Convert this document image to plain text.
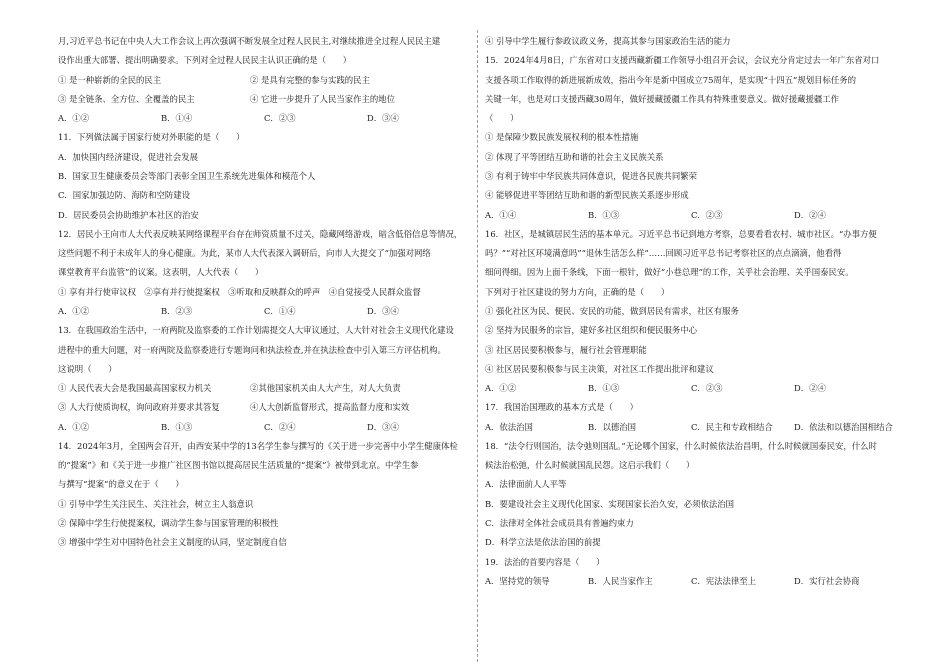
月,习近平总书记在中央人大工作会议上再次强调不断发展全过程人民民主,对继续推进全过程人民民主建
设作出重大部署、提出明确要求。下列对全过程人民民主认识正确的是（　　）
① 是一种崭新的全民的民主	② 是具有完整的参与实践的民主
③ 是全链条、全方位、全覆盖的民主	④ 它进一步提升了人民当家作主的地位
A．①②	B．①④	C．②③	D．③④
11．下列做法属于国家行使对外职能的是（　　）
A．加快国内经济建设，促进社会发展
B．国家卫生健康委员会等部门表彰全国卫生系统先进集体和模范个人
C．国家加强边防、海防和空防建设
D．居民委员会协助维护本社区的治安
12．居民小王向市人大代表反映某网络课程平台存在师资质量不过关，隐藏网络游戏，暗含低俗信息等情况，
这些问题不利于未成年人的身心健康。为此，某市人大代表深入调研后，向市人大提交了“加强对网络
课堂教育平台监管”的议案。这表明，人大代表（　　）
① 享有并行使审议权　②享有并行使提案权　③听取和反映群众的呼声　④自觉接受人民群众监督
A．①②	B．②③	C．①④	D．③④
13．在我国政治生活中，一府两院及监察委的工作计划需提交人大审议通过，人大针对社会主义现代化建设
进程中的重大问题，对一府两院及监察委进行专题询问和执法检查,并在执法检查中引入第三方评估机构。
这说明（　　）
① 人民代表大会是我国最高国家权力机关	②其他国家机关由人大产生，对人大负责
③ 人大行使质询权，询问政府并要求其答复	④人大创新监督形式，提高监督力度和实效
A．①②	B．①③	C．②④	D．③④
14．2024年3月，全国两会召开，由西安某中学的13名学生参与撰写的《关于进一步完善中小学生健康体检
的“提案”》和《关于进一步推广社区图书馆以提高居民生活质量的“提案”》被带到北京。中学生参
与撰写“提案”的意义在于（　　）
① 引导中学生关注民生、关注社会，树立主人翁意识
② 保障中学生行使提案权，调动学生参与国家管理的积极性
③ 增强中学生对中国特色社会主义制度的认同，坚定制度自信
④ 引导中学生履行参政议政义务，提高其参与国家政治生活的能力
15．2024年4月8日，广东省对口支援西藏新疆工作领导小组召开会议，会议充分肯定过去一年广东省对口
支援各项工作取得的新进展新成效，指出今年是新中国成立75周年，是实现“十四五”规划目标任务的
关键一年，也是对口支援西藏30周年，做好援藏援疆工作具有特殊重要意义。做好援藏援疆工作
（　　）
① 是保障少数民族发展权利的根本性措施
② 体现了平等团结互助和谐的社会主义民族关系
③ 有利于铸牢中华民族共同体意识，促进各民族共同繁荣
④ 能够促进平等团结互助和谐的新型民族关系逐步形成
A．①④	B．①③	C．②③	D．②④
16．社区，是城镇居民生活的基本单元。习近平总书记到地方考察，总要看看农村、城市社区。“办事方便
吗？”“对社区环境满意吗”“退休生活怎么样”……回顾习近平总书记考察社区的点点滴滴，他看得
细问得细。因为上面千条线，下面一根针，做好“小巷总理”的工作，关乎社会治理、关乎国泰民安。
下列对于社区建设的努力方向，正确的是（　　）
① 强化社区为民、便民、安民的功能，做到居民有需求，社区有服务
② 坚持为民服务的宗旨，建好多社区组织和便民服务中心
③ 社区居民要积极参与，履行社会管理职能
④ 社区居民要积极参与民主决策，对社区工作提出批评和建议
A．①②	B．①③	C．②③	D．②④
17．我国治国理政的基本方式是（　　）
A．依法治国	B．以德治国	C．民主和专政相结合	D．依法和以德治国相结合
18．“法令行则国治，法令弛则国乱。”无论哪个国家，什么时候依法治昌明，什么时候就国泰民安，什么时
候法治松弛，什么时候就国乱民怨。这启示我们（　　）
A．法律面前人人平等
B．要建设社会主义现代化国家、实现国家长治久安，必须依法治国
C．法律对全体社会成员具有普遍约束力
D．科学立法是依法治国的前提
19．法治的首要内容是（　　）
A．坚持党的领导	B．人民当家作主	C．宪法法律至上	D．实行社会协商
